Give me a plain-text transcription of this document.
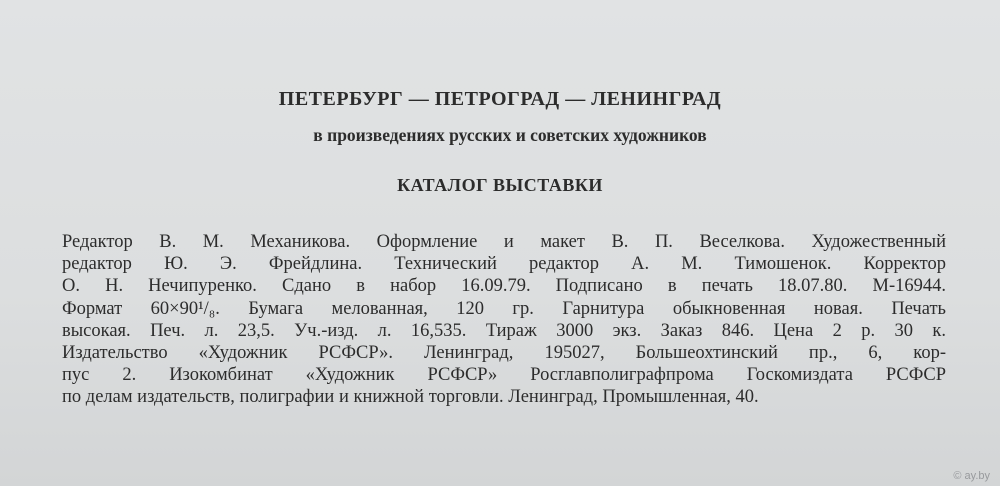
ПЕТЕРБУРГ — ПЕТРОГРАД — ЛЕНИНГРАД
в произведениях русских и советских художников
КАТАЛОГ ВЫСТАВКИ
Редактор В. М. Механикова. Оформление и макет В. П. Веселкова. Художественный
редактор Ю. Э. Фрейдлина. Технический редактор А. М. Тимошенок. Корректор
О. Н. Нечипуренко. Сдано в набор 16.09.79. Подписано в печать 18.07.80. М-16944.
Формат 60×90¹/₈. Бумага мелованная, 120 гр. Гарнитура обыкновенная новая. Печать
высокая. Печ. л. 23,5. Уч.-изд. л. 16,535. Тираж 3000 экз. Заказ 846. Цена 2 р. 30 к.
Издательство «Художник РСФСР». Ленинград, 195027, Большеохтинский пр., 6, кор-
пус 2. Изокомбинат «Художник РСФСР» Росглавполиграфпрома Госкомиздата РСФСР
по делам издательств, полиграфии и книжной торговли. Ленинград, Промышленная, 40.
© ay.by
